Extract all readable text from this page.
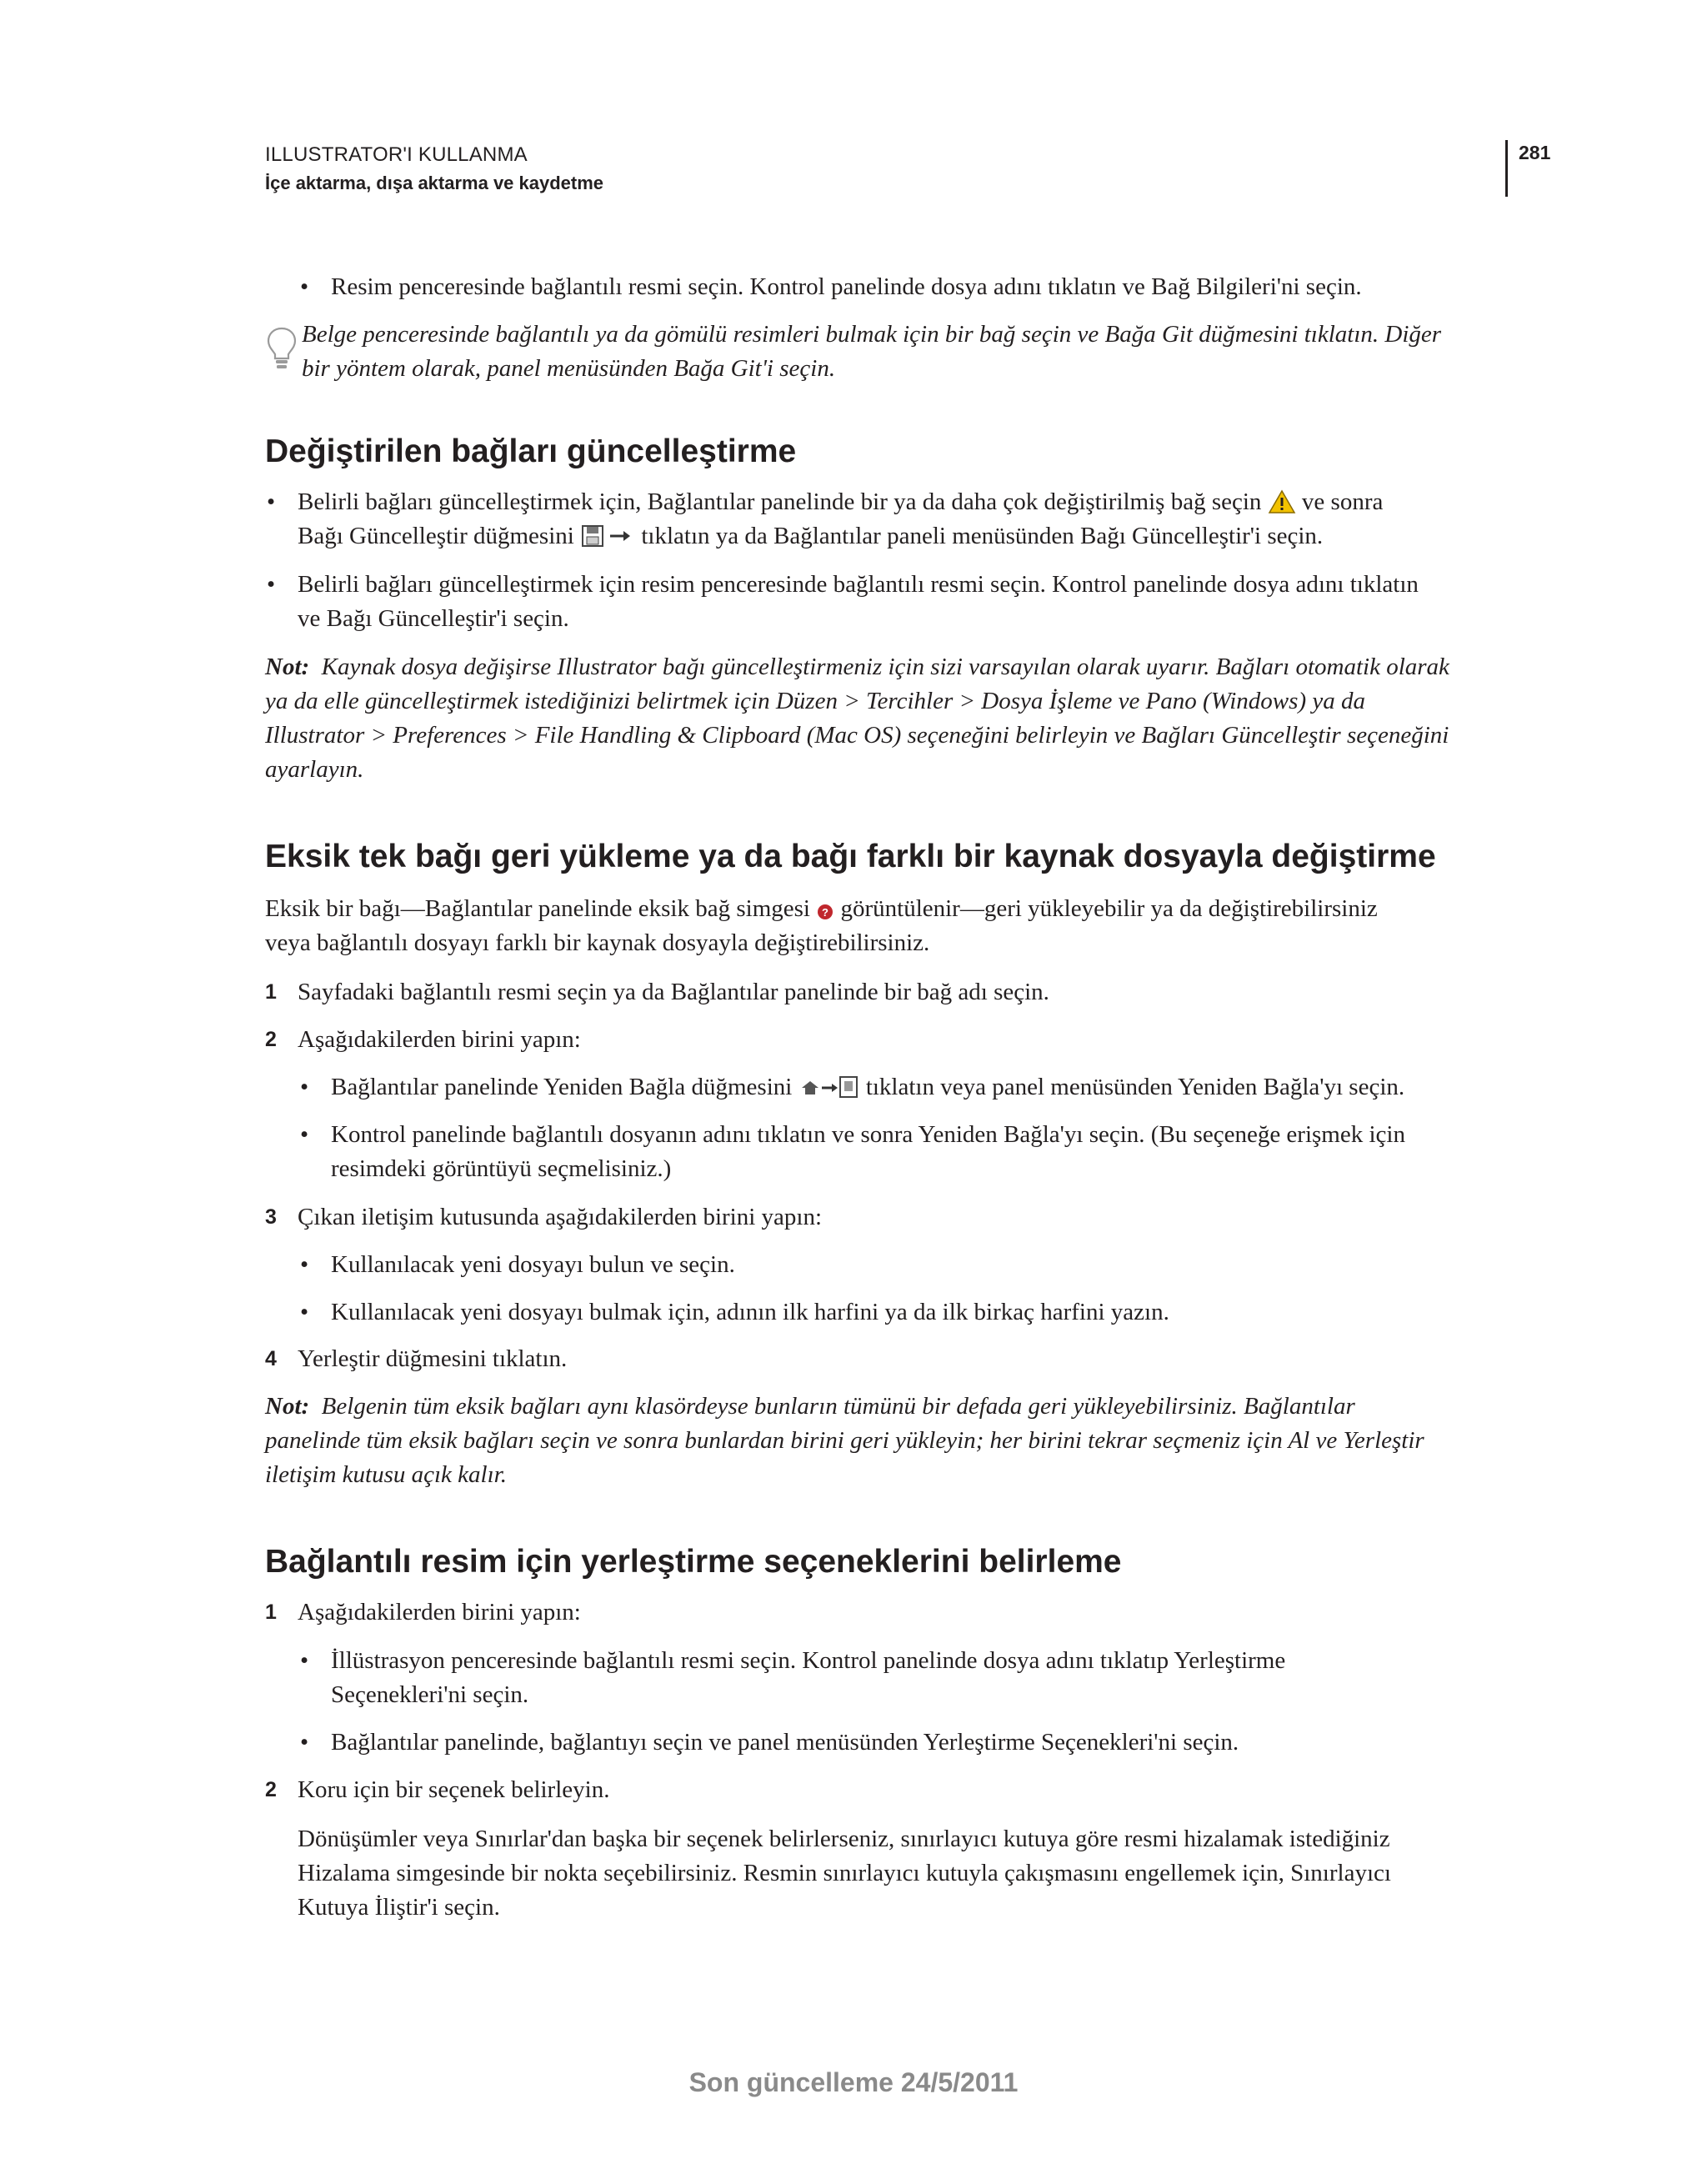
ILLUSTRATOR'I KULLANMA
İçe aktarma, dışa aktarma ve kaydetme
281
• Resim penceresinde bağlantılı resmi seçin. Kontrol panelinde dosya adını tıklatın ve Bağ Bilgileri'ni seçin.
Belge penceresinde bağlantılı ya da gömülü resimleri bulmak için bir bağ seçin ve Bağa Git düğmesini tıklatın. Diğer
bir yöntem olarak, panel menüsünden Bağa Git'i seçin.
Değiştirilen bağları güncelleştirme
• Belirli bağları güncelleştirmek için, Bağlantılar panelinde bir ya da daha çok değiştirilmiş bağ seçin ve sonra
Bağı Güncelleştir düğmesini	tıklatın ya da Bağlantılar paneli menüsünden Bağı Güncelleştir'i seçin.
• Belirli bağları güncelleştirmek için resim penceresinde bağlantılı resmi seçin. Kontrol panelinde dosya adını tıklatın
ve Bağı Güncelleştir'i seçin.
Not: Kaynak dosya değişirse Illustrator bağı güncelleştirmeniz için sizi varsayılan olarak uyarır. Bağları otomatik olarak
ya da elle güncelleştirmek istediğinizi belirtmek için Düzen > Tercihler > Dosya İşleme ve Pano (Windows) ya da
Illustrator > Preferences > File Handling & Clipboard (Mac OS) seçeneğini belirleyin ve Bağları Güncelleştir seçeneğini
ayarlayın.
Eksik tek bağı geri yükleme ya da bağı farklı bir kaynak dosyayla değiştirme
Eksik bir bağı—Bağlantılar panelinde eksik bağ simgesi ? görüntülenir—geri yükleyebilir ya da değiştirebilirsiniz
veya bağlantılı dosyayı farklı bir kaynak dosyayla değiştirebilirsiniz.
1 Sayfadaki bağlantılı resmi seçin ya da Bağlantılar panelinde bir bağ adı seçin.
2 Aşağıdakilerden birini yapın:
• Bağlantılar panelinde Yeniden Bağla düğmesini	tıklatın veya panel menüsünden Yeniden Bağla'yı seçin.
• Kontrol panelinde bağlantılı dosyanın adını tıklatın ve sonra Yeniden Bağla'yı seçin. (Bu seçeneğe erişmek için
resimdeki görüntüyü seçmelisiniz.)
3 Çıkan iletişim kutusunda aşağıdakilerden birini yapın:
• Kullanılacak yeni dosyayı bulun ve seçin.
• Kullanılacak yeni dosyayı bulmak için, adının ilk harfini ya da ilk birkaç harfini yazın.
4 Yerleştir düğmesini tıklatın.
Not: Belgenin tüm eksik bağları aynı klasördeyse bunların tümünü bir defada geri yükleyebilirsiniz. Bağlantılar
panelinde tüm eksik bağları seçin ve sonra bunlardan birini geri yükleyin; her birini tekrar seçmeniz için Al ve Yerleştir
iletişim kutusu açık kalır.
Bağlantılı resim için yerleştirme seçeneklerini belirleme
1 Aşağıdakilerden birini yapın:
• İllüstrasyon penceresinde bağlantılı resmi seçin. Kontrol panelinde dosya adını tıklatıp Yerleştirme
Seçenekleri'ni seçin.
• Bağlantılar panelinde, bağlantıyı seçin ve panel menüsünden Yerleştirme Seçenekleri'ni seçin.
2 Koru için bir seçenek belirleyin.
Dönüşümler veya Sınırlar'dan başka bir seçenek belirlerseniz, sınırlayıcı kutuya göre resmi hizalamak istediğiniz
Hizalama simgesinde bir nokta seçebilirsiniz. Resmin sınırlayıcı kutuyla çakışmasını engellemek için, Sınırlayıcı
Kutuya İliştir'i seçin.
Son güncelleme 24/5/2011
